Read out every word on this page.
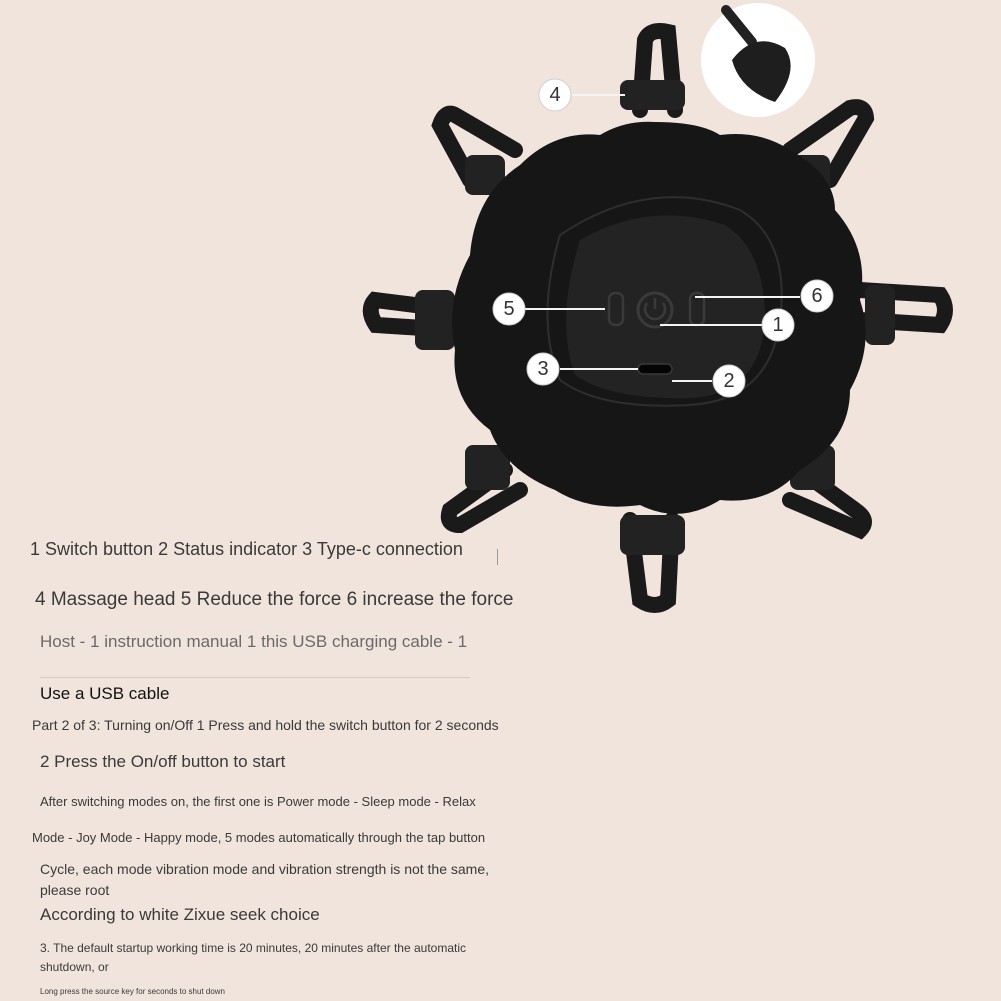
4
5
6
1
3
2
1 Switch button 2 Status indicator 3 Type-c connection
4 Massage head 5 Reduce the force 6 increase the force
Host - 1 instruction manual 1 this USB charging cable - 1
Use a USB cable
Part 2 of 3: Turning on/Off 1 Press and hold the switch button for 2 seconds
2 Press the On/off button to start
After switching modes on, the first one is Power mode - Sleep mode - Relax
Mode - Joy Mode - Happy mode, 5 modes automatically through the tap button
Cycle, each mode vibration mode and vibration strength is not the same, please root
According to white Zixue seek choice
3. The default startup working time is 20 minutes, 20 minutes after the automatic shutdown, or
Long press the source key for seconds to shut down
